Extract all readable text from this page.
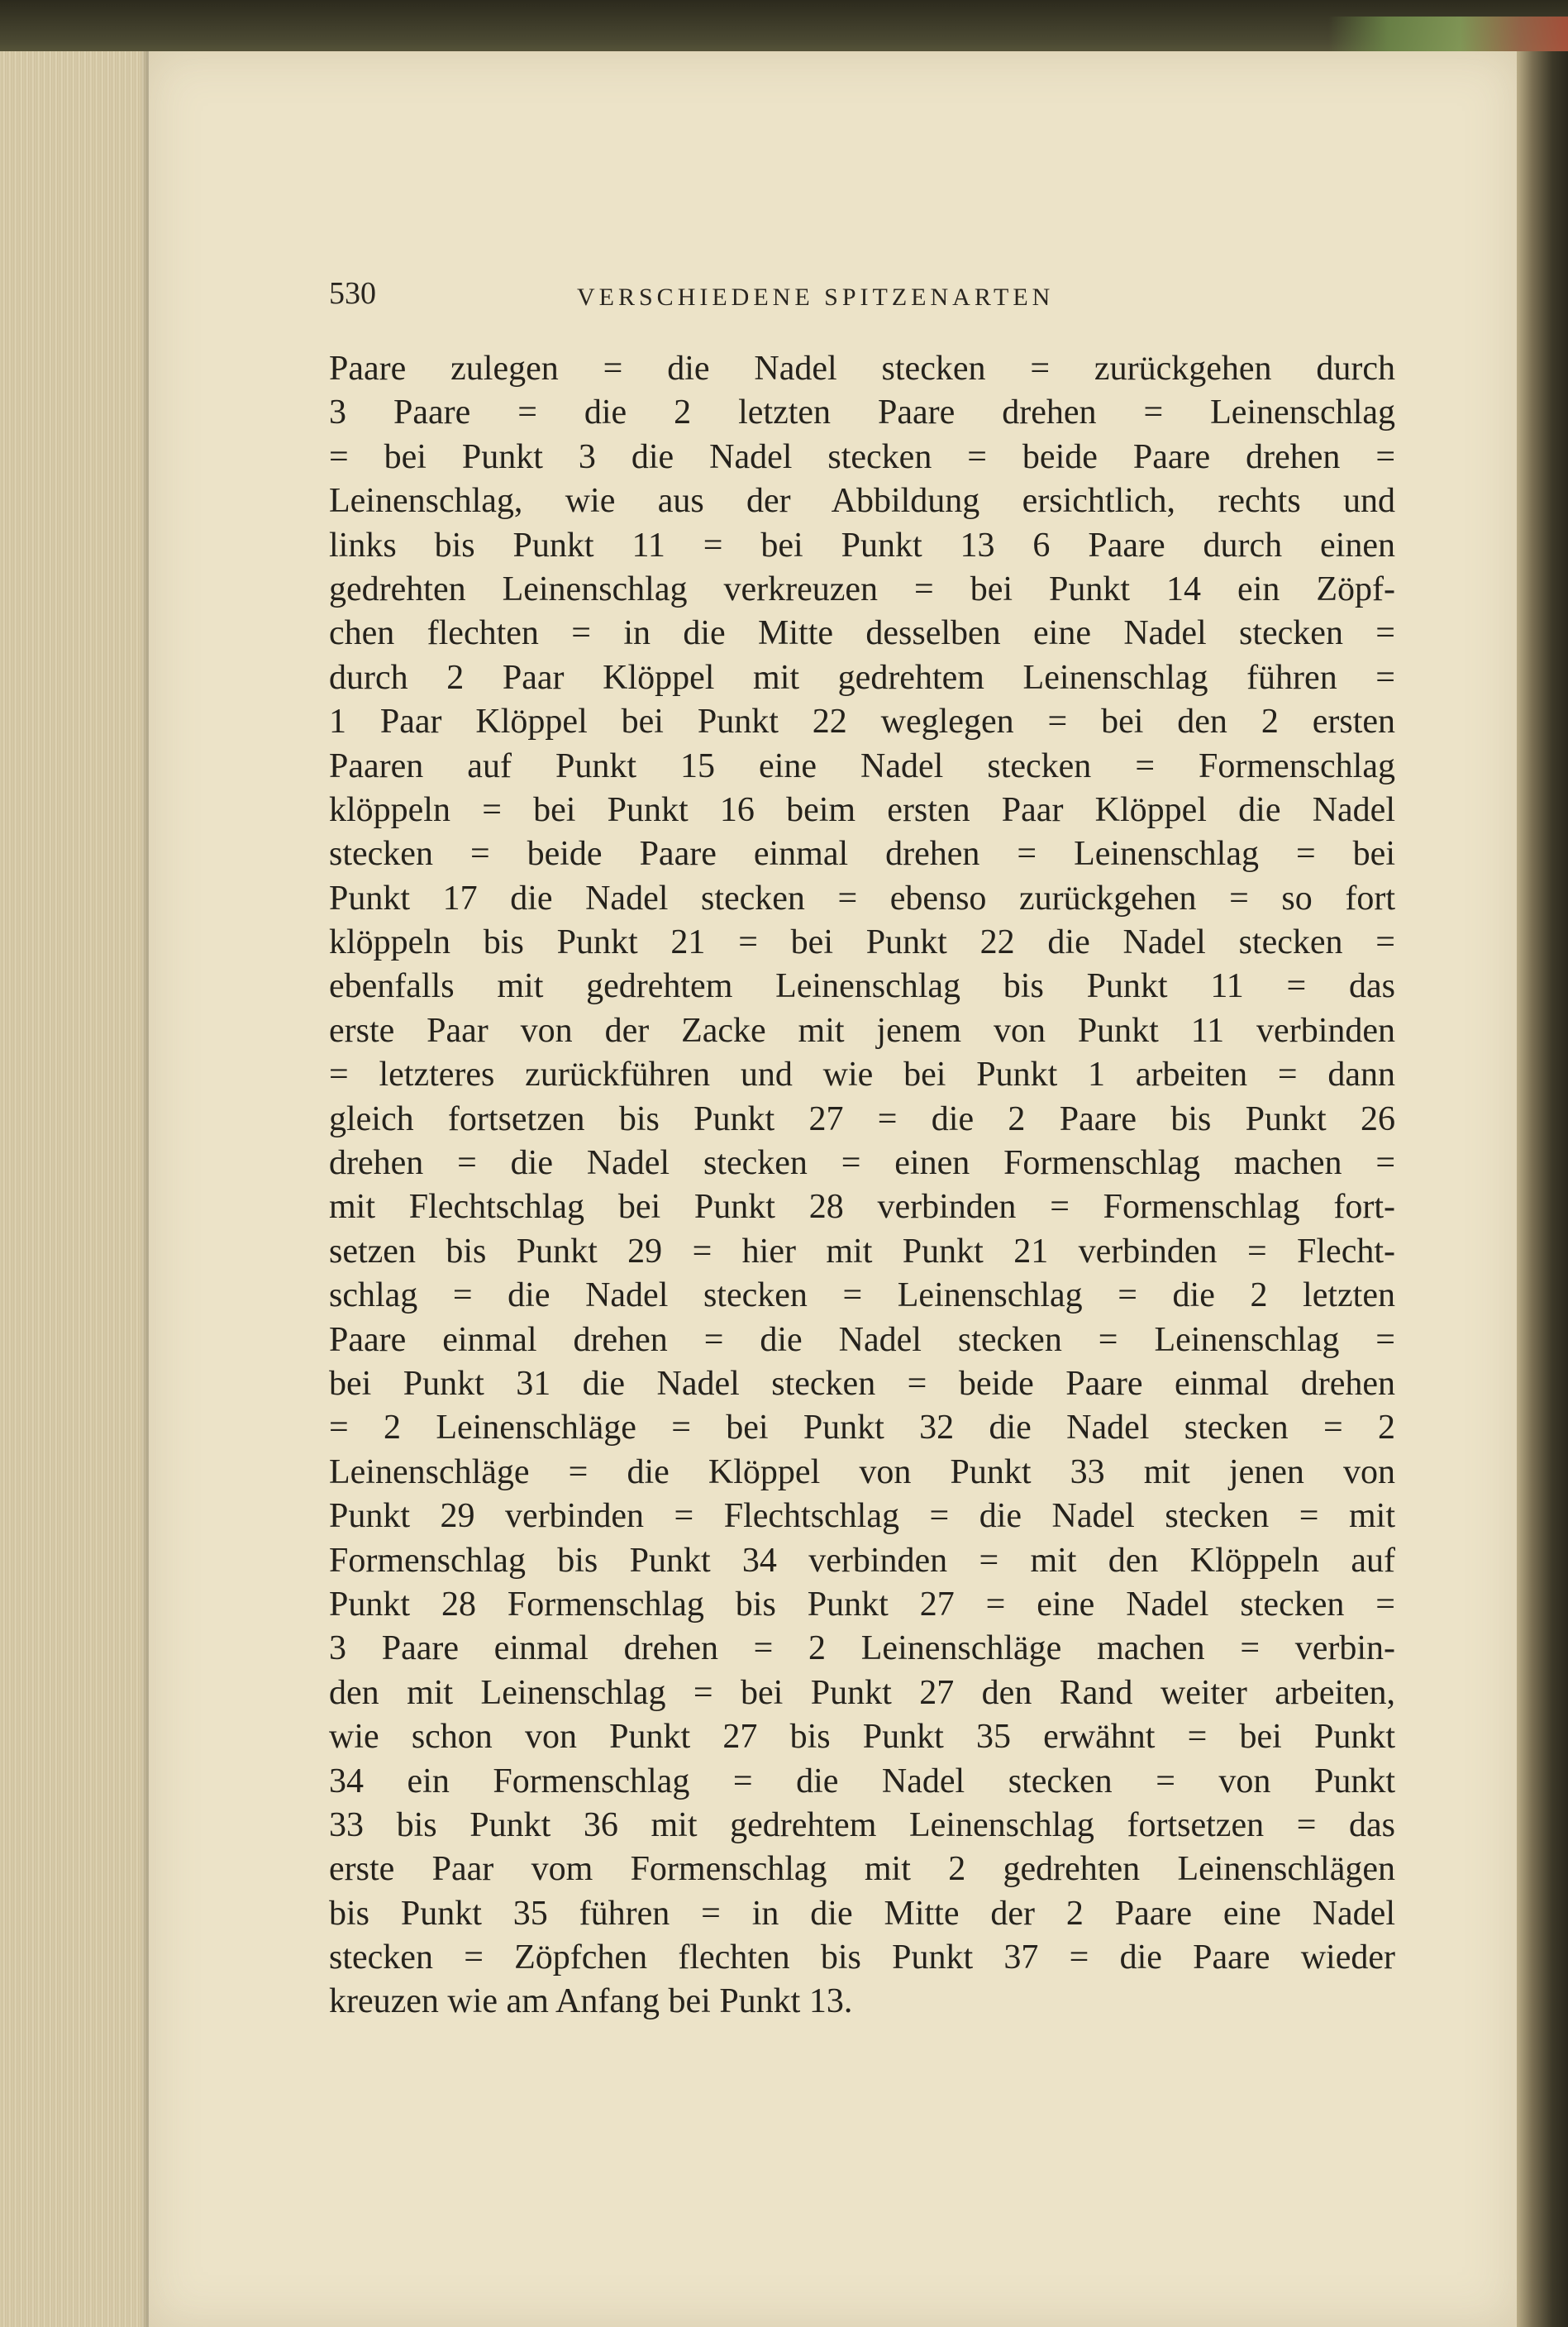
530	VERSCHIEDENE SPITZENARTEN
Paare zulegen = die Nadel stecken = zurückgehen durch
3 Paare = die 2 letzten Paare drehen = Leinenschlag
= bei Punkt 3 die Nadel stecken = beide Paare drehen =
Leinenschlag, wie aus der Abbildung ersichtlich, rechts und
links bis Punkt 11 = bei Punkt 13 6 Paare durch einen
gedrehten Leinenschlag verkreuzen = bei Punkt 14 ein Zöpf-
chen flechten = in die Mitte desselben eine Nadel stecken =
durch 2 Paar Klöppel mit gedrehtem Leinenschlag führen =
1 Paar Klöppel bei Punkt 22 weglegen = bei den 2 ersten
Paaren auf Punkt 15 eine Nadel stecken = Formenschlag
klöppeln = bei Punkt 16 beim ersten Paar Klöppel die Nadel
stecken = beide Paare einmal drehen = Leinenschlag = bei
Punkt 17 die Nadel stecken = ebenso zurückgehen = so fort
klöppeln bis Punkt 21 = bei Punkt 22 die Nadel stecken =
ebenfalls mit gedrehtem Leinenschlag bis Punkt 11 = das
erste Paar von der Zacke mit jenem von Punkt 11 verbinden
= letzteres zurückführen und wie bei Punkt 1 arbeiten = dann
gleich fortsetzen bis Punkt 27 = die 2 Paare bis Punkt 26
drehen = die Nadel stecken = einen Formenschlag machen =
mit Flechtschlag bei Punkt 28 verbinden = Formenschlag fort-
setzen bis Punkt 29 = hier mit Punkt 21 verbinden = Flecht-
schlag = die Nadel stecken = Leinenschlag = die 2 letzten
Paare einmal drehen = die Nadel stecken = Leinenschlag =
bei Punkt 31 die Nadel stecken = beide Paare einmal drehen
= 2 Leinenschläge = bei Punkt 32 die Nadel stecken = 2
Leinenschläge = die Klöppel von Punkt 33 mit jenen von
Punkt 29 verbinden = Flechtschlag = die Nadel stecken = mit
Formenschlag bis Punkt 34 verbinden = mit den Klöppeln auf
Punkt 28 Formenschlag bis Punkt 27 = eine Nadel stecken =
3 Paare einmal drehen = 2 Leinenschläge machen = verbin-
den mit Leinenschlag = bei Punkt 27 den Rand weiter arbeiten,
wie schon von Punkt 27 bis Punkt 35 erwähnt = bei Punkt
34 ein Formenschlag = die Nadel stecken = von Punkt
33 bis Punkt 36 mit gedrehtem Leinenschlag fortsetzen = das
erste Paar vom Formenschlag mit 2 gedrehten Leinenschlägen
bis Punkt 35 führen = in die Mitte der 2 Paare eine Nadel
stecken = Zöpfchen flechten bis Punkt 37 = die Paare wieder
kreuzen wie am Anfang bei Punkt 13.
